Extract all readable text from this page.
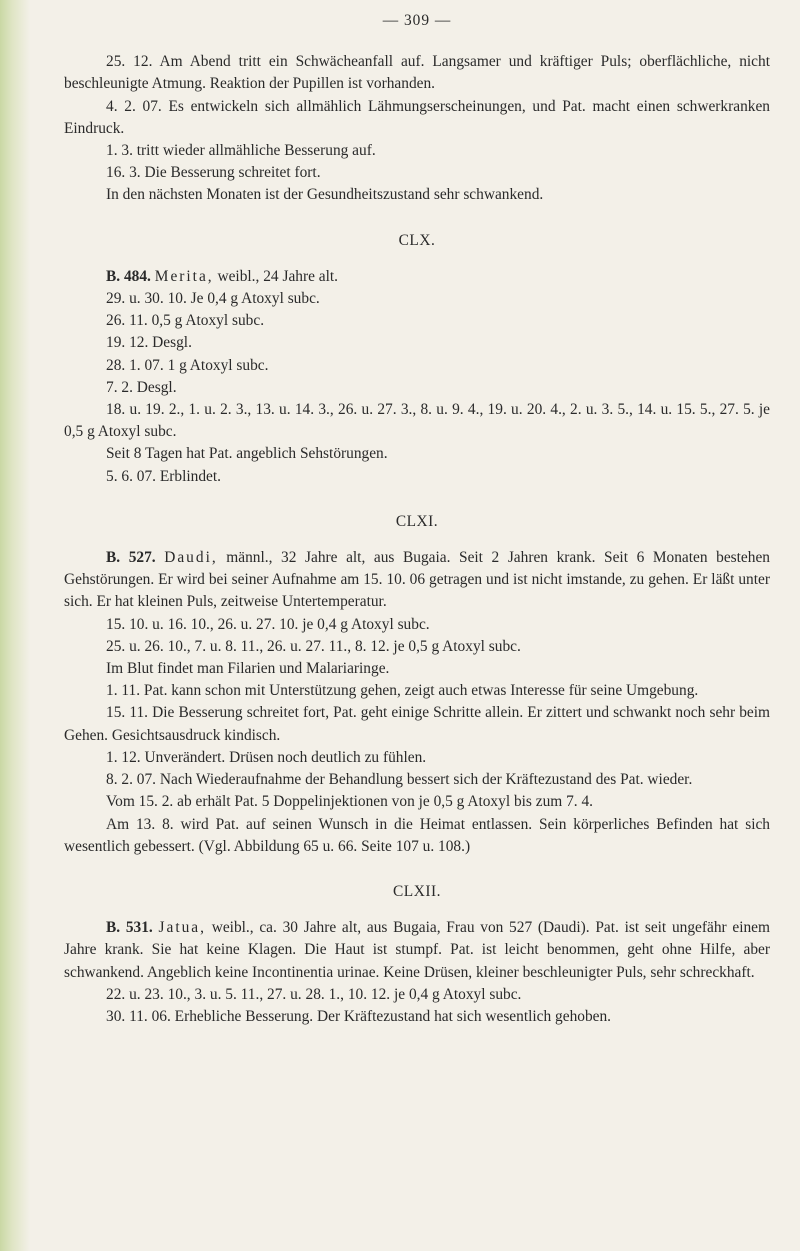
— 309 —

25. 12. Am Abend tritt ein Schwächeanfall auf. Langsamer und kräftiger Puls; oberflächliche, nicht beschleunigte Atmung. Reaktion der Pupillen ist vorhanden.

4. 2. 07. Es entwickeln sich allmählich Lähmungserscheinungen, und Pat. macht einen schwerkranken Eindruck.

1. 3. tritt wieder allmähliche Besserung auf.

16. 3. Die Besserung schreitet fort.

In den nächsten Monaten ist der Gesundheitszustand sehr schwankend.

CLX.

B. 484. Merita, weibl., 24 Jahre alt.

29. u. 30. 10. Je 0,4 g Atoxyl subc.

26. 11. 0,5 g Atoxyl subc.

19. 12. Desgl.

28. 1. 07. 1 g Atoxyl subc.

7. 2. Desgl.

18. u. 19. 2., 1. u. 2. 3., 13. u. 14. 3., 26. u. 27. 3., 8. u. 9. 4., 19. u. 20. 4., 2. u. 3. 5., 14. u. 15. 5., 27. 5. je 0,5 g Atoxyl subc.

Seit 8 Tagen hat Pat. angeblich Sehstörungen.

5. 6. 07. Erblindet.

CLXI.

B. 527. Daudi, männl., 32 Jahre alt, aus Bugaia. Seit 2 Jahren krank. Seit 6 Monaten bestehen Gehstörungen. Er wird bei seiner Aufnahme am 15. 10. 06 getragen und ist nicht imstande, zu gehen. Er läßt unter sich. Er hat kleinen Puls, zeitweise Untertemperatur.

15. 10. u. 16. 10., 26. u. 27. 10. je 0,4 g Atoxyl subc.

25. u. 26. 10., 7. u. 8. 11., 26. u. 27. 11., 8. 12. je 0,5 g Atoxyl subc.

Im Blut findet man Filarien und Malariaringe.

1. 11. Pat. kann schon mit Unterstützung gehen, zeigt auch etwas Interesse für seine Umgebung.

15. 11. Die Besserung schreitet fort, Pat. geht einige Schritte allein. Er zittert und schwankt noch sehr beim Gehen. Gesichtsausdruck kindisch.

1. 12. Unverändert. Drüsen noch deutlich zu fühlen.

8. 2. 07. Nach Wiederaufnahme der Behandlung bessert sich der Kräftezustand des Pat. wieder.

Vom 15. 2. ab erhält Pat. 5 Doppelinjektionen von je 0,5 g Atoxyl bis zum 7. 4.

Am 13. 8. wird Pat. auf seinen Wunsch in die Heimat entlassen. Sein körperliches Befinden hat sich wesentlich gebessert. (Vgl. Abbildung 65 u. 66. Seite 107 u. 108.)

CLXII.

B. 531. Jatua, weibl., ca. 30 Jahre alt, aus Bugaia, Frau von 527 (Daudi). Pat. ist seit ungefähr einem Jahre krank. Sie hat keine Klagen. Die Haut ist stumpf. Pat. ist leicht benommen, geht ohne Hilfe, aber schwankend. Angeblich keine Incontinentia urinae. Keine Drüsen, kleiner beschleunigter Puls, sehr schreckhaft.

22. u. 23. 10., 3. u. 5. 11., 27. u. 28. 1., 10. 12. je 0,4 g Atoxyl subc.

30. 11. 06. Erhebliche Besserung. Der Kräftezustand hat sich wesentlich gehoben.
